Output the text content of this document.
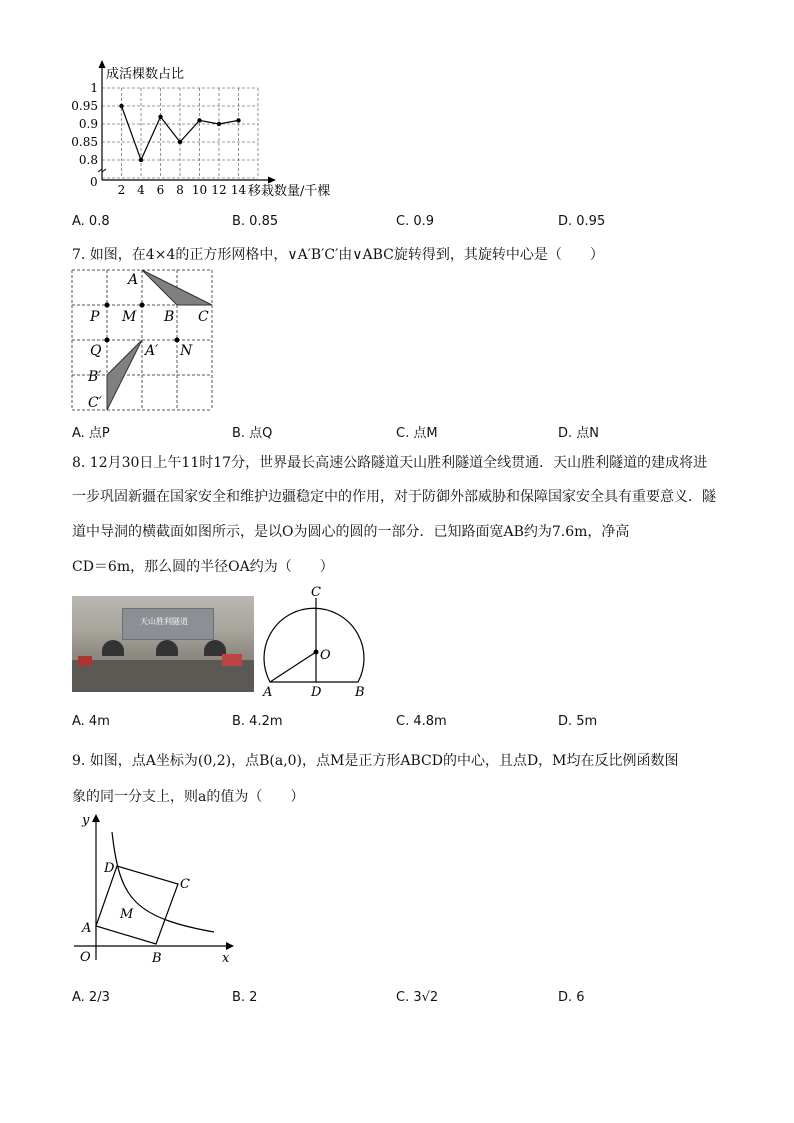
2 4 6 8 10 12 14
0.8
0.85
0.9
0.95
1
成活棵数占比
移栽数量/千棵
0
A. 0.8	B. 0.85	C. 0.9	D. 0.95
7. 如图，在4×4的正方形网格中，∨A′B′C′由∨ABC旋转得到，其旋转中心是（　　）
A
P M B C
Q	A′ N
B′
C′
A. 点P	B. 点Q	C. 点M	D. 点N
8. 12月30日上午11时17分，世界最长高速公路隧道天山胜利隧道全线贯通．天山胜利隧道的建成将进
一步巩固新疆在国家安全和维护边疆稳定中的作用，对于防御外部威胁和保障国家安全具有重要意义．隧
道中导洞的横截面如图所示，是以O为圆心的圆的一部分．已知路面宽AB约为7.6m，净高
CD＝6m，那么圆的半径OA约为（　　）
天山胜利隧道
C
O
A	D	B
A. 4m	B. 4.2m	C. 4.8m	D. 5m
9. 如图，点A坐标为(0,2)，点B(a,0)，点M是正方形ABCD的中心，且点D，M均在反比例函数图
象的同一分支上，则a的值为（　　）
y
x
O
A
B
C
D
M
A. 2/3	B. 2	C. 3√2	D. 6
